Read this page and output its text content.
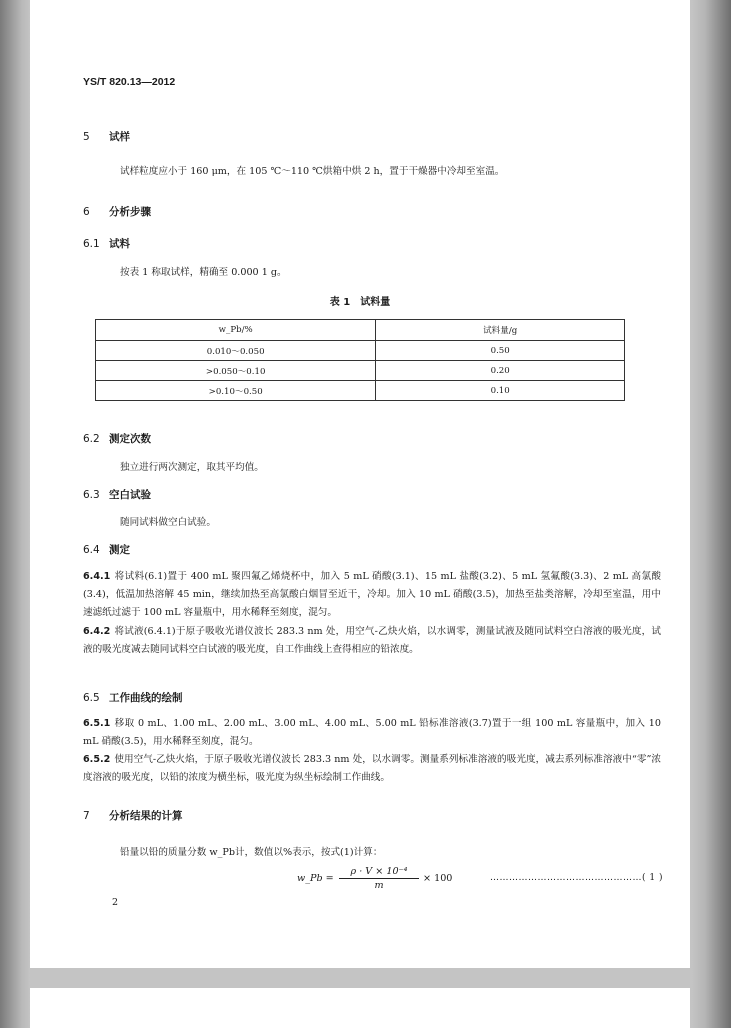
YS/T 820.13—2012
5 试样
试样粒度应小于 160 μm，在 105 ℃～110 ℃烘箱中烘 2 h，置于干燥器中冷却至室温。
6 分析步骤
6.1 试料
按表 1 称取试样，精确至 0.000 1 g。
表 1　试料量
w_Pb/%	试料量/g
0.010～0.050	0.50
>0.050～0.10	0.20
>0.10～0.50	0.10
6.2 测定次数
独立进行两次测定，取其平均值。
6.3 空白试验
随同试料做空白试验。
6.4 测定
6.4.1 将试料(6.1)置于 400 mL 聚四氟乙烯烧杯中，加入 5 mL 硝酸(3.1)、15 mL 盐酸(3.2)、5 mL 氢氟酸(3.3)、2 mL 高氯酸(3.4)，低温加热溶解 45 min，继续加热至高氯酸白烟冒至近干，冷却。加入 10 mL 硝酸(3.5)，加热至盐类溶解，冷却至室温，用中速滤纸过滤于 100 mL 容量瓶中，用水稀释至刻度，混匀。
6.4.2 将试液(6.4.1)于原子吸收光谱仪波长 283.3 nm 处，用空气-乙炔火焰，以水调零，测量试液及随同试料空白溶液的吸光度，试液的吸光度减去随同试料空白试液的吸光度，自工作曲线上查得相应的铅浓度。
6.5 工作曲线的绘制
6.5.1 移取 0 mL、1.00 mL、2.00 mL、3.00 mL、4.00 mL、5.00 mL 铅标准溶液(3.7)置于一组 100 mL 容量瓶中，加入 10 mL 硝酸(3.5)，用水稀释至刻度，混匀。
6.5.2 使用空气-乙炔火焰，于原子吸收光谱仪波长 283.3 nm 处，以水调零。测量系列标准溶液的吸光度，减去系列标准溶液中“零”浓度溶液的吸光度，以铅的浓度为横坐标，吸光度为纵坐标绘制工作曲线。
7 分析结果的计算
铅量以铅的质量分数 w_Pb计，数值以%表示，按式(1)计算：
w_Pb = $\frac{\text{ρ · V × 10⁻⁴}}{m} \times 100$	…………………………………………( 1 )
2
